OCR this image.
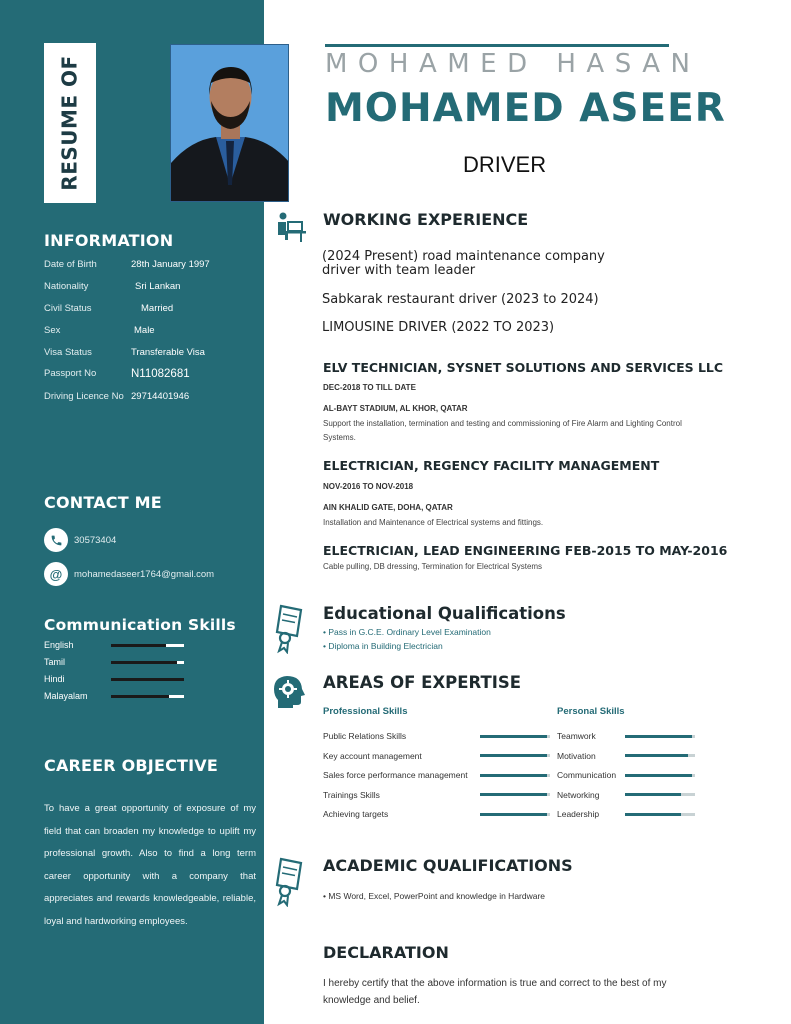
RESUME OF
INFORMATION
Date of Birth	28th January 1997
Nationality	Sri Lankan
Civil Status	Married
Sex	Male
Visa Status	Transferable Visa
Passport No	N11082681
Driving Licence No 29714401946
CONTACT ME
30573404
@	mohamedaseer1764@gmail.com
Communication Skills
English
Tamil
Hindi
Malayalam
CAREER OBJECTIVE
To have a great opportunity of exposure of my field that can broaden my knowledge to uplift my professional growth. Also to find a long term career opportunity with a company that appreciates and rewards knowledgeable, reliable, loyal and hardworking employees.
MOHAMED HASAN
MOHAMED ASEER
DRIVER
WORKING EXPERIENCE
(2024 Present) road maintenance company driver with team leader
Sabkarak restaurant driver (2023 to 2024)
LIMOUSINE DRIVER (2022 TO 2023)
ELV TECHNICIAN, SYSNET SOLUTIONS AND SERVICES LLC
DEC-2018 TO TILL DATE
AL-BAYT STADIUM, AL KHOR, QATAR
Support the installation, termination and testing and commissioning of Fire Alarm and Lighting Control Systems.
ELECTRICIAN, REGENCY FACILITY MANAGEMENT
NOV-2016 TO NOV-2018
AIN KHALID GATE, DOHA, QATAR
Installation and Maintenance of Electrical systems and fittings.
ELECTRICIAN, LEAD ENGINEERING FEB-2015 TO MAY-2016
Cable pulling, DB dressing, Termination for Electrical Systems
Educational Qualifications
• Pass in G.C.E. Ordinary Level Examination
• Diploma in Building Electrician
AREAS OF EXPERTISE
Professional Skills	Personal Skills
Public Relations Skills
Key account management
Sales force performance management
Trainings Skills
Achieving targets
Teamwork
Motivation
Communication
Networking
Leadership
ACADEMIC QUALIFICATIONS
• MS Word, Excel, PowerPoint and knowledge in Hardware
DECLARATION
I hereby certify that the above information is true and correct to the best of my knowledge and belief.
